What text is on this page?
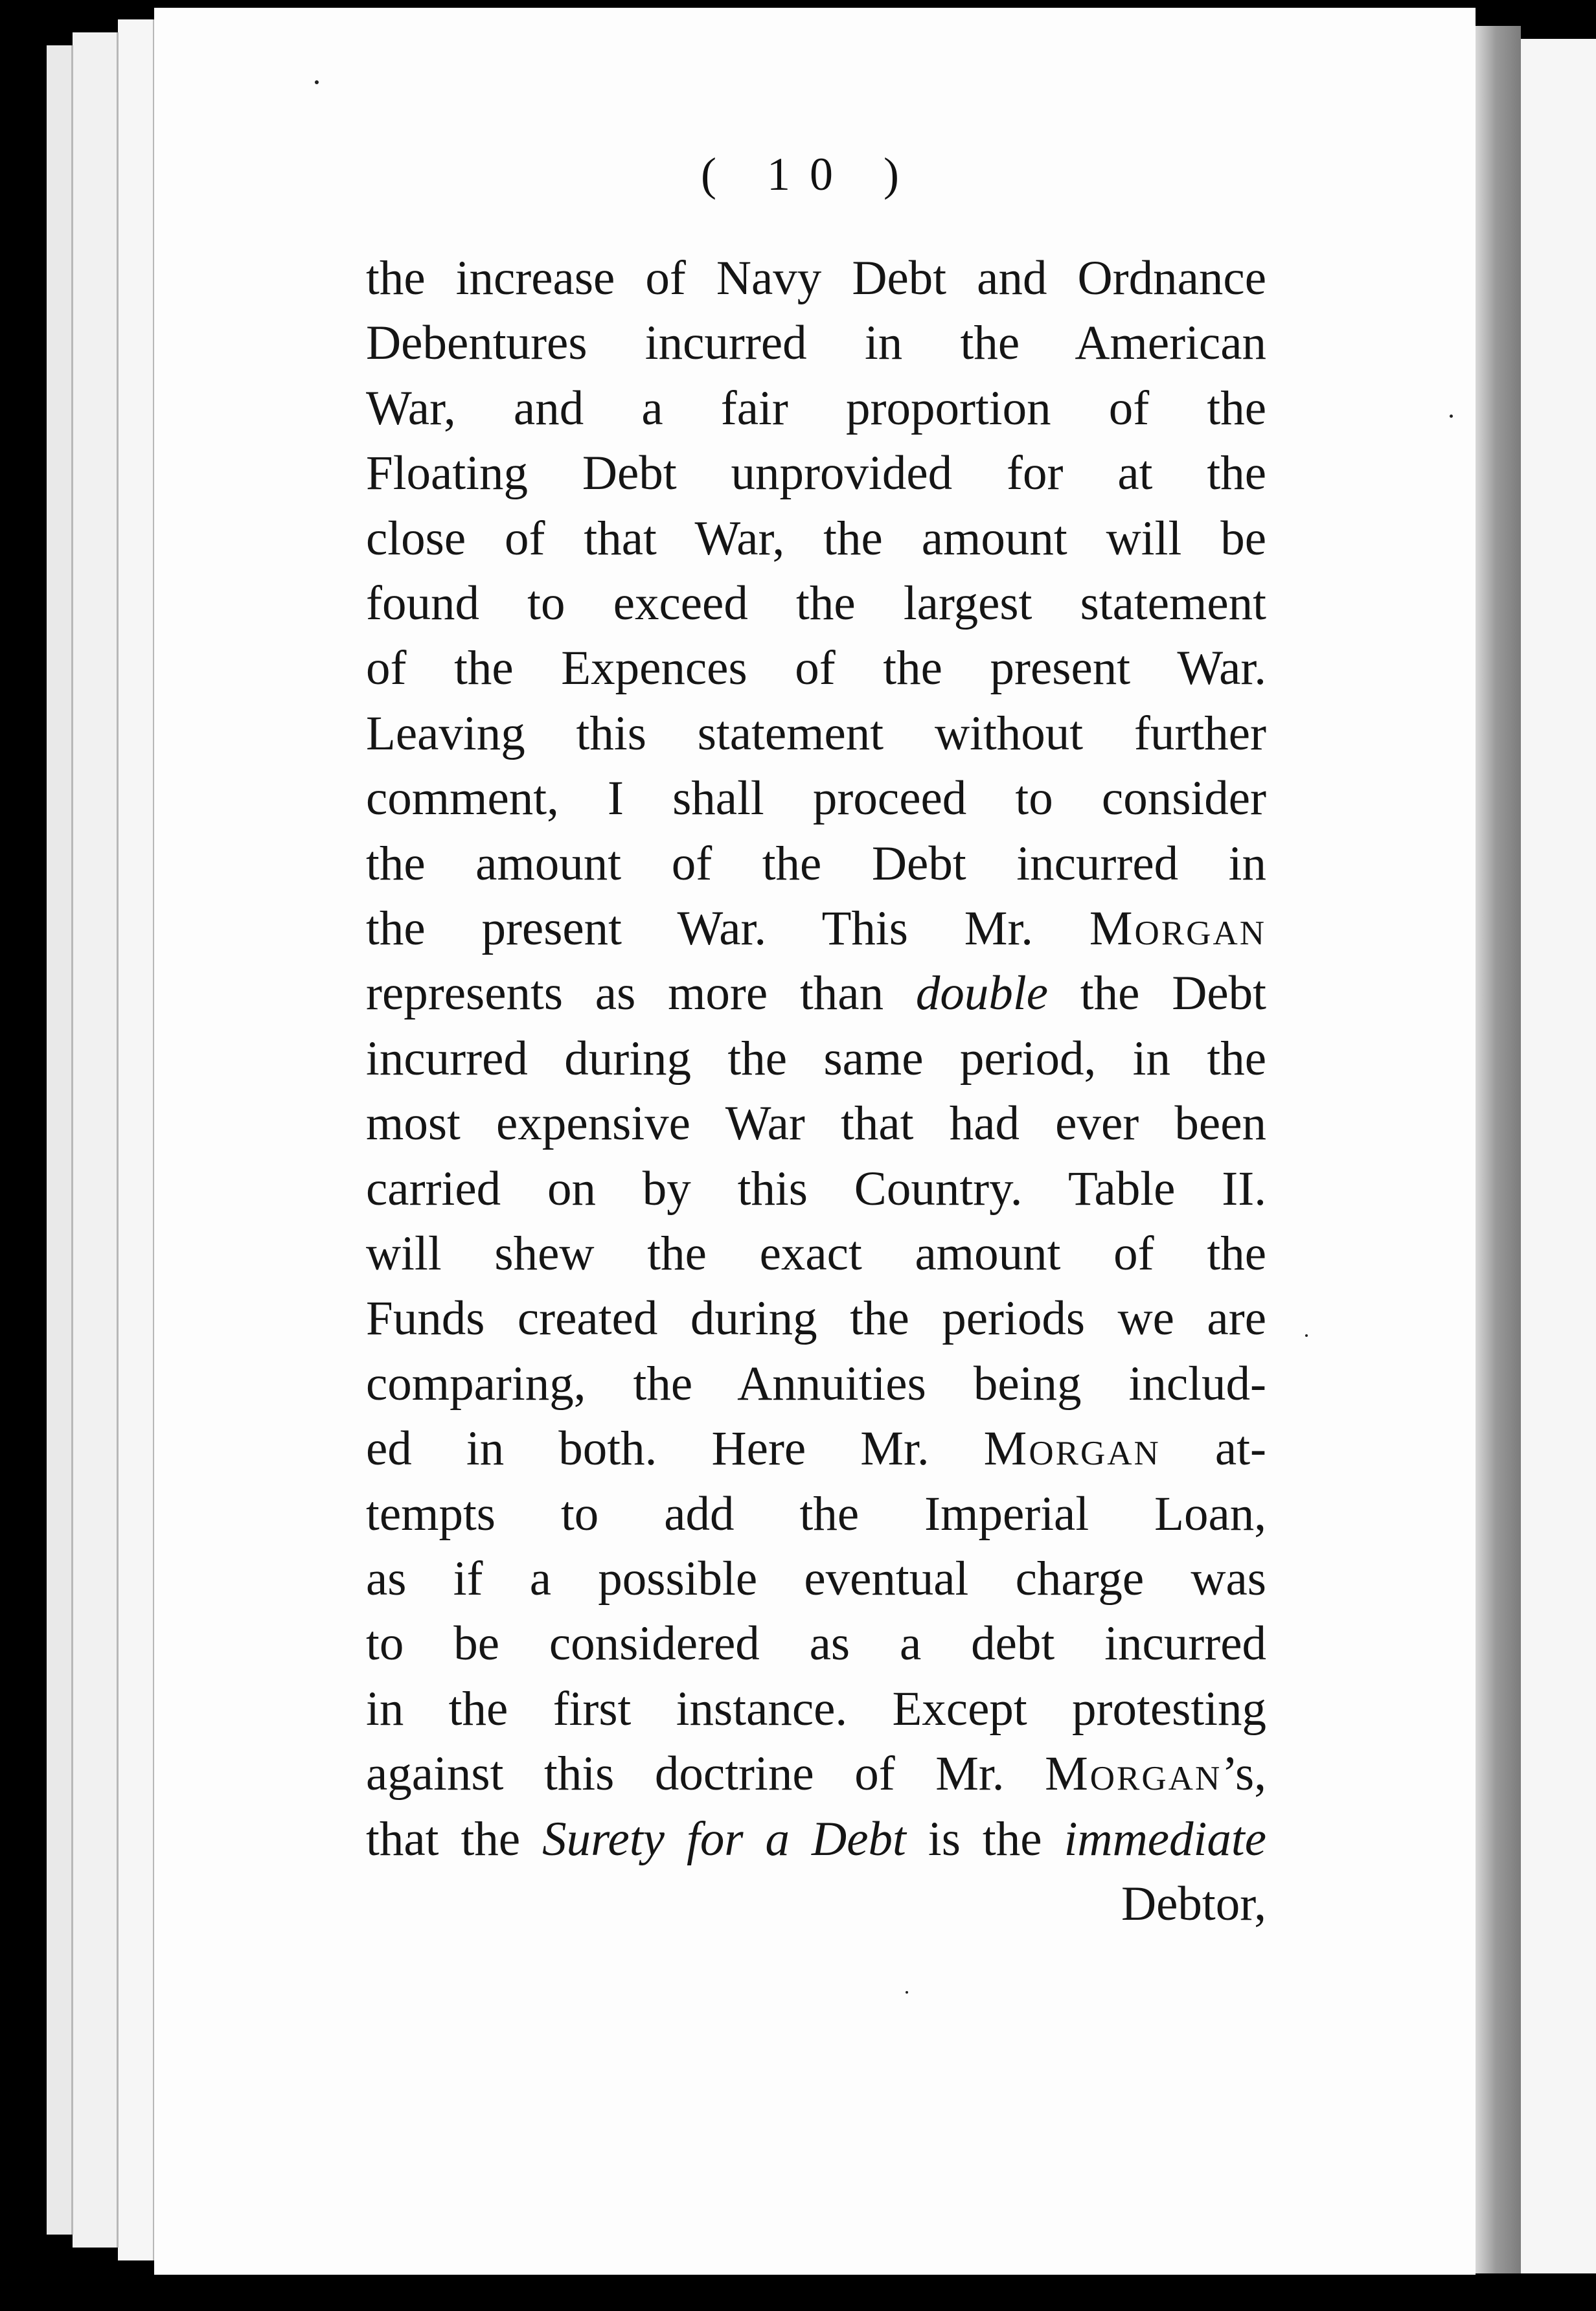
( 10 )
the increase of Navy Debt and Ordnance
Debentures incurred in the American
War, and a fair proportion of the
Floating Debt unprovided for at the
close of that War, the amount will be
found to exceed the largest statement
of the Expences of the present War.
Leaving this statement without further
comment, I shall proceed to consider
the amount of the Debt incurred in
the present War. This Mr. Morgan
represents as more than double the Debt
incurred during the same period, in the
most expensive War that had ever been
carried on by this Country. Table II.
will shew the exact amount of the
Funds created during the periods we are
comparing, the Annuities being includ-
ed in both. Here Mr. Morgan at-
tempts to add the Imperial Loan,
as if a possible eventual charge was
to be considered as a debt incurred
in the first instance. Except protesting
against this doctrine of Mr. Morgan’s,
that the Surety for a Debt is the immediate
Debtor,
